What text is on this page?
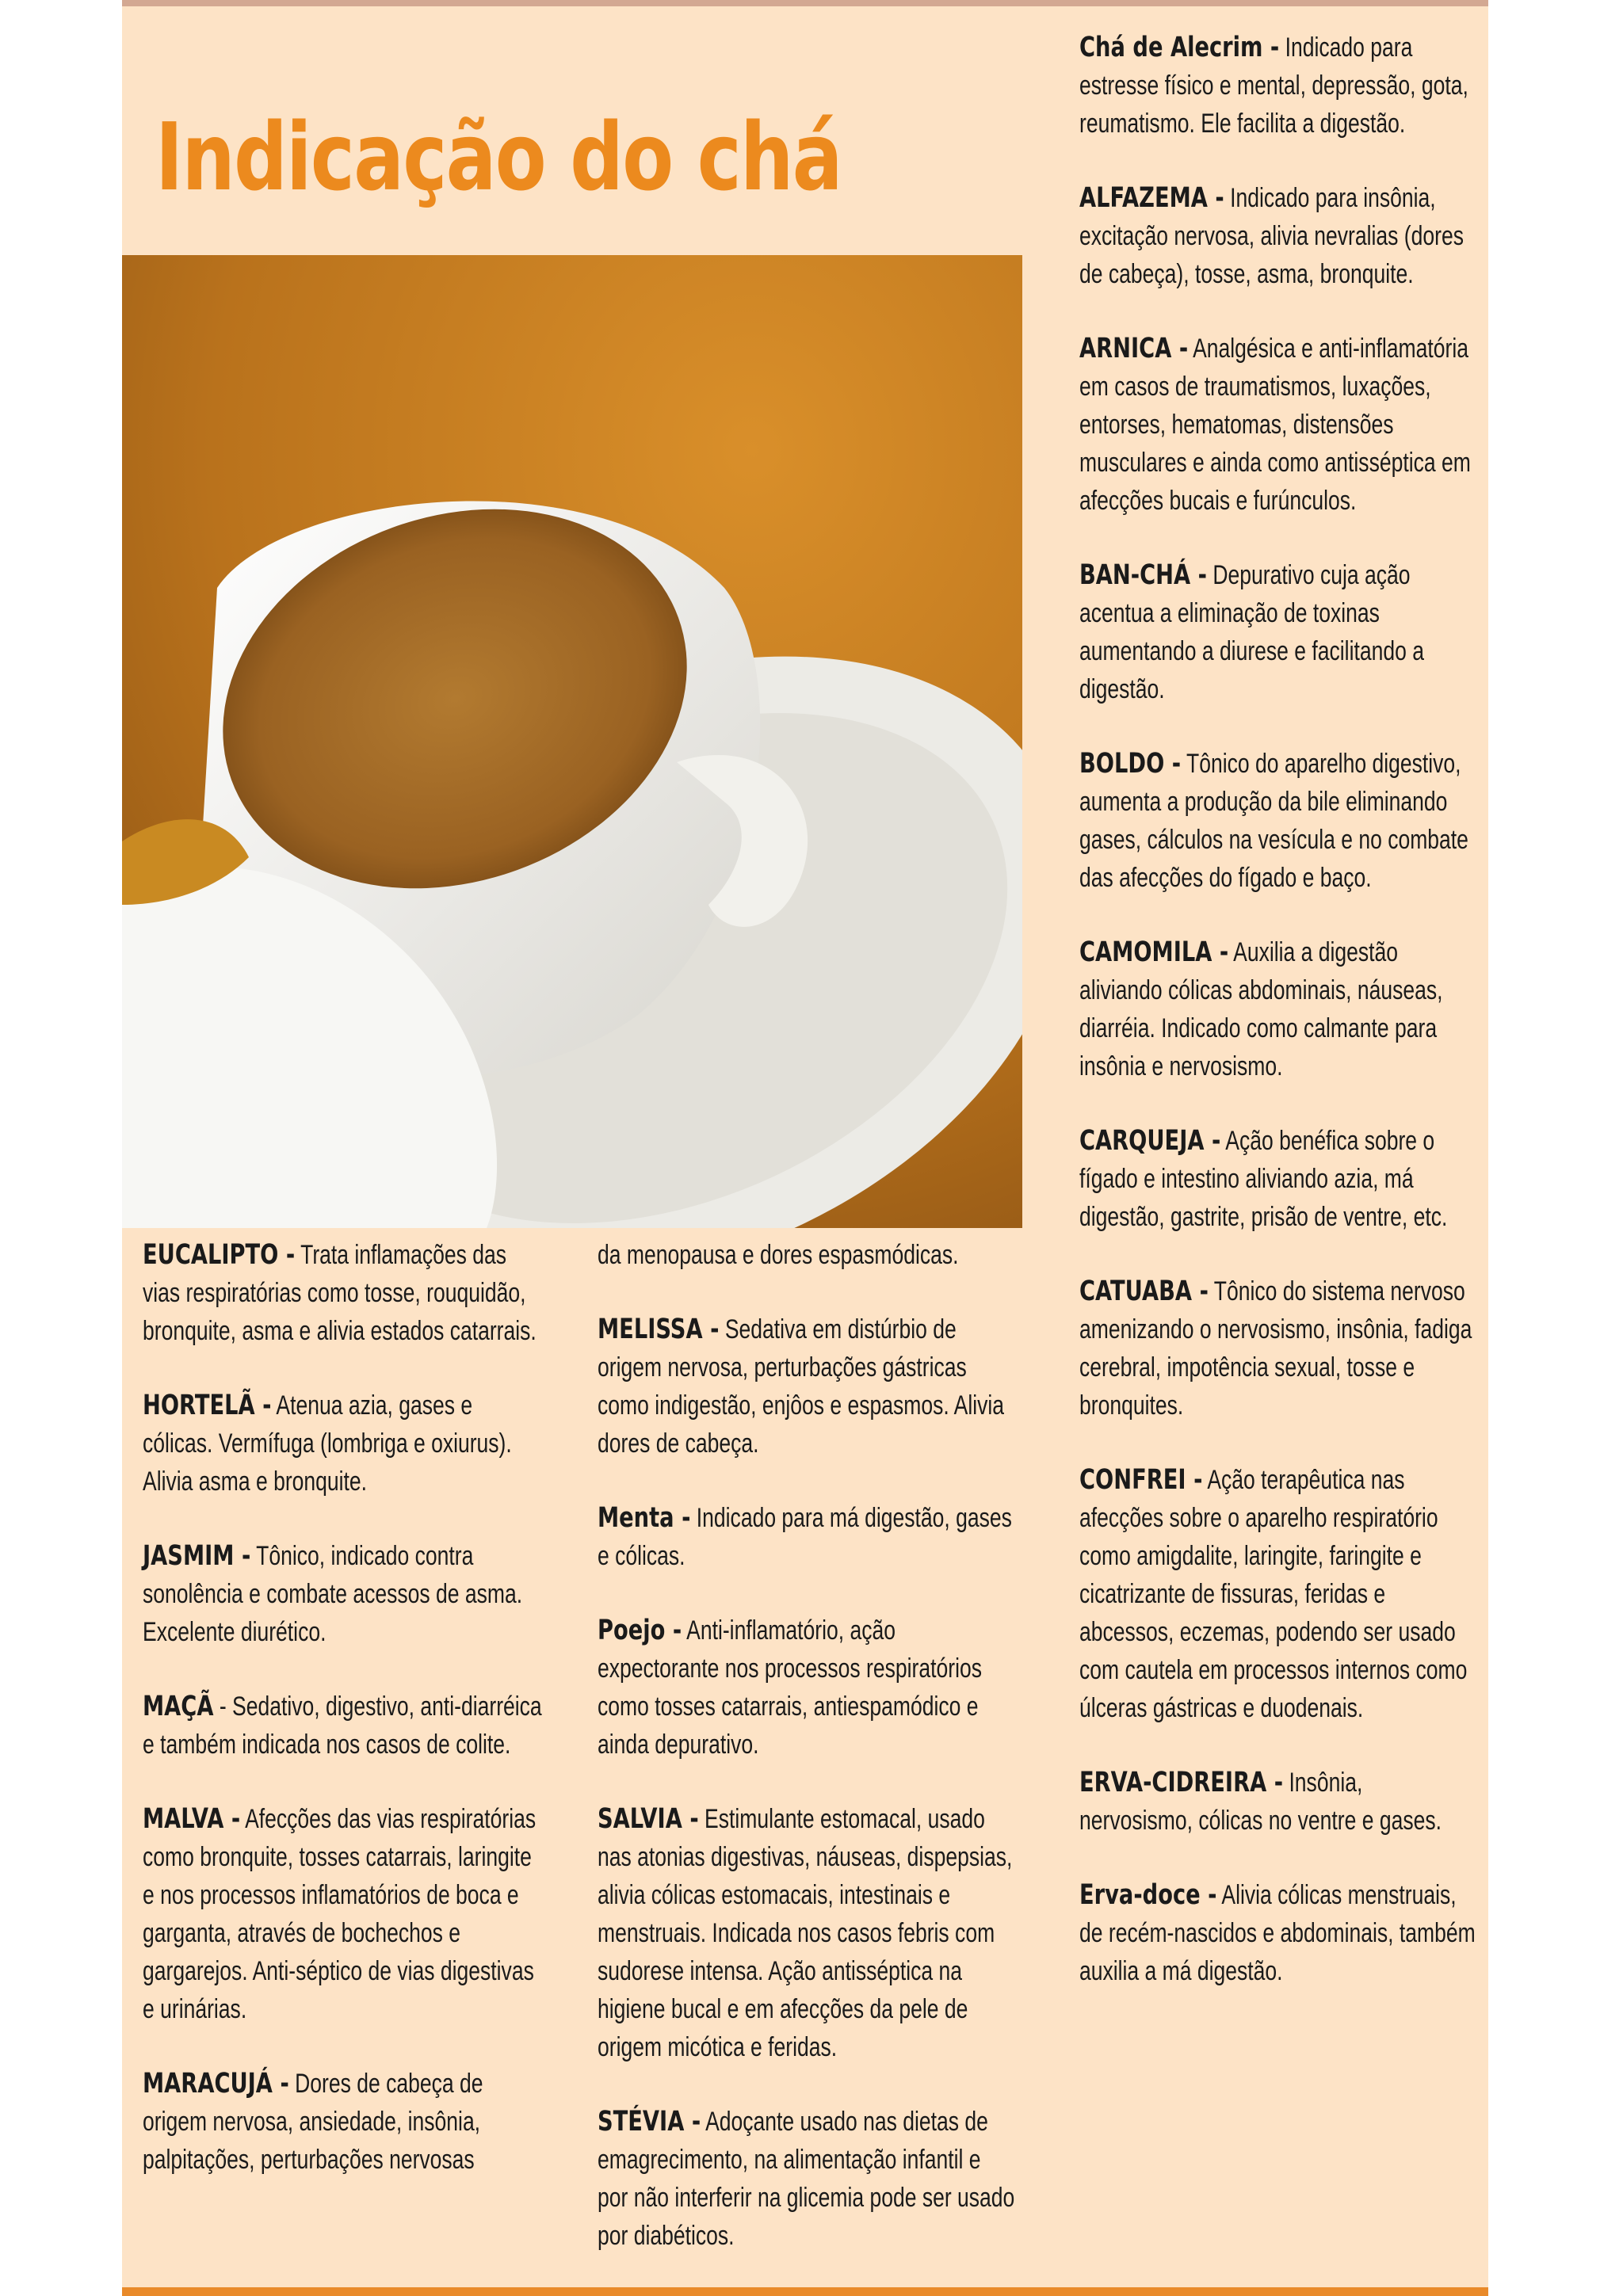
Indicação do chá

EUCALIPTO - Trata inflamações das vias respiratórias como tosse, rouquidão, bronquite, asma e alivia estados catarrais.

HORTELÃ - Atenua azia, gases e cólicas. Vermífuga (lombriga e oxiurus). Alivia asma e bronquite.

JASMIM - Tônico, indicado contra sonolência e combate acessos de asma. Excelente diurético.

MAÇÃ - Sedativo, digestivo, anti-diarréica e também indicada nos casos de colite.

MALVA - Afecções das vias respiratórias como bronquite, tosses catarrais, laringite e nos processos inflamatórios de boca e garganta, através de bochechos e gargarejos. Anti-séptico de vias digestivas e urinárias.

MARACUJÁ - Dores de cabeça de origem nervosa, ansiedade, insônia, palpitações, perturbações nervosas

da menopausa e dores espasmódicas.

MELISSA - Sedativa em distúrbio de origem nervosa, perturbações gástricas como indigestão, enjôos e espasmos. Alivia dores de cabeça.

Menta - Indicado para má digestão, gases e cólicas.

Poejo - Anti-inflamatório, ação expectorante nos processos respiratórios como tosses catarrais, antiespamódico e ainda depurativo.

SALVIA - Estimulante estomacal, usado nas atonias digestivas, náuseas, dispepsias, alivia cólicas estomacais, intestinais e menstruais. Indicada nos casos febris com sudorese intensa. Ação antisséptica na higiene bucal e em afecções da pele de origem micótica e feridas.

STÉVIA - Adoçante usado nas dietas de emagrecimento, na alimentação infantil e por não interferir na glicemia pode ser usado por diabéticos.

Chá de Alecrim - Indicado para estresse físico e mental, depressão, gota, reumatismo. Ele facilita a digestão.

ALFAZEMA - Indicado para insônia, excitação nervosa, alivia nevralias (dores de cabeça), tosse, asma, bronquite.

ARNICA - Analgésica e anti-inflamatória em casos de traumatismos, luxações, entorses, hematomas, distensões musculares e ainda como antisséptica em afecções bucais e furúnculos.

BAN-CHÁ - Depurativo cuja ação acentua a eliminação de toxinas aumentando a diurese e facilitando a digestão.

BOLDO - Tônico do aparelho digestivo, aumenta a produção da bile eliminando gases, cálculos na vesícula e no combate das afecções do fígado e baço.

CAMOMILA - Auxilia a digestão aliviando cólicas abdominais, náuseas, diarréia. Indicado como calmante para insônia e nervosismo.

CARQUEJA - Ação benéfica sobre o fígado e intestino aliviando azia, má digestão, gastrite, prisão de ventre, etc.

CATUABA - Tônico do sistema nervoso amenizando o nervosismo, insônia, fadiga cerebral, impotência sexual, tosse e bronquites.

CONFREI - Ação terapêutica nas afecções sobre o aparelho respiratório como amigdalite, laringite, faringite e cicatrizante de fissuras, feridas e abcessos, eczemas, podendo ser usado com cautela em processos internos como úlceras gástricas e duodenais.

ERVA-CIDREIRA - Insônia, nervosismo, cólicas no ventre e gases.

Erva-doce - Alivia cólicas menstruais, de recém-nascidos e abdominais, também auxilia a má digestão.
